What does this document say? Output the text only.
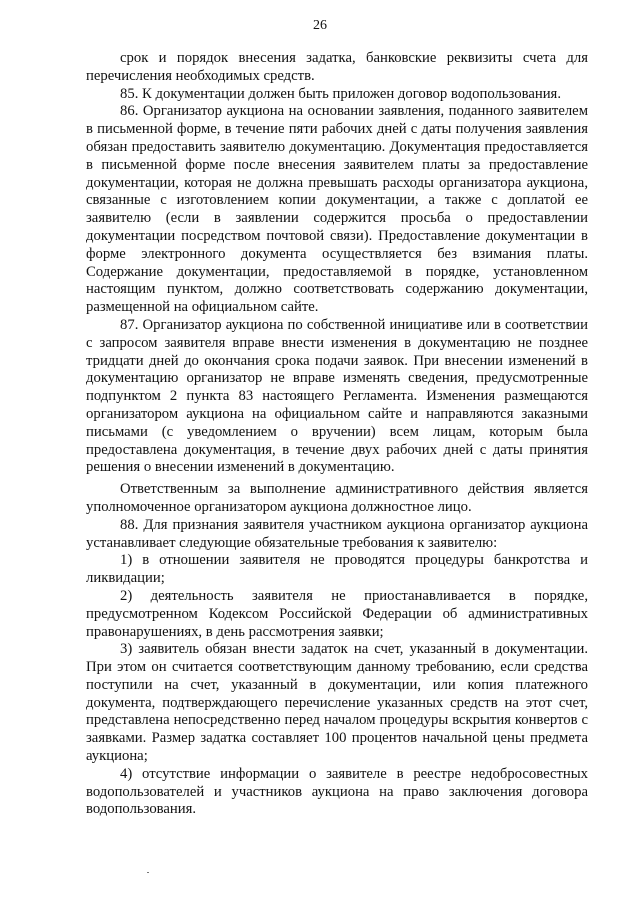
26

срок и порядок внесения задатка, банковские реквизиты счета для перечисления необходимых средств.

85. К документации должен быть приложен договор водопользования.

86. Организатор аукциона на основании заявления, поданного заявителем в письменной форме, в течение пяти рабочих дней с даты получения заявления обязан предоставить заявителю документацию. Документация предоставляется в письменной форме после внесения заявителем платы за предоставление документации, которая не должна превышать расходы организатора аукциона, связанные с изготовлением копии документации, а также с доплатой ее заявителю (если в заявлении содержится просьба о предоставлении документации посредством почтовой связи). Предоставление документации в форме электронного документа осуществляется без взимания платы. Содержание документации, предоставляемой в порядке, установленном настоящим пунктом, должно соответствовать содержанию документации, размещенной на официальном сайте.

87. Организатор аукциона по собственной инициативе или в соответствии с запросом заявителя вправе внести изменения в документацию не позднее тридцати дней до окончания срока подачи заявок. При внесении изменений в документацию организатор не вправе изменять сведения, предусмотренные подпунктом 2 пункта 83 настоящего Регламента. Изменения размещаются организатором аукциона на официальном сайте и направляются заказными письмами (с уведомлением о вручении) всем лицам, которым была предоставлена документация, в течение двух рабочих дней с даты принятия решения о внесении изменений в документацию.

Ответственным за выполнение административного действия является уполномоченное организатором аукциона должностное лицо.

88. Для признания заявителя участником аукциона организатор аукциона устанавливает следующие обязательные требования к заявителю:

1) в отношении заявителя не проводятся процедуры банкротства и ликвидации;

2) деятельность заявителя не приостанавливается в порядке, предусмотренном Кодексом Российской Федерации об административных правонарушениях, в день рассмотрения заявки;

3) заявитель обязан внести задаток на счет, указанный в документации. При этом он считается соответствующим данному требованию, если средства поступили на счет, указанный в документации, или копия платежного документа, подтверждающего перечисление указанных средств на этот счет, представлена непосредственно перед началом процедуры вскрытия конвертов с заявками. Размер задатка составляет 100 процентов начальной цены предмета аукциона;

4) отсутствие информации о заявителе в реестре недобросовестных водопользователей и участников аукциона на право заключения договора водопользования.
